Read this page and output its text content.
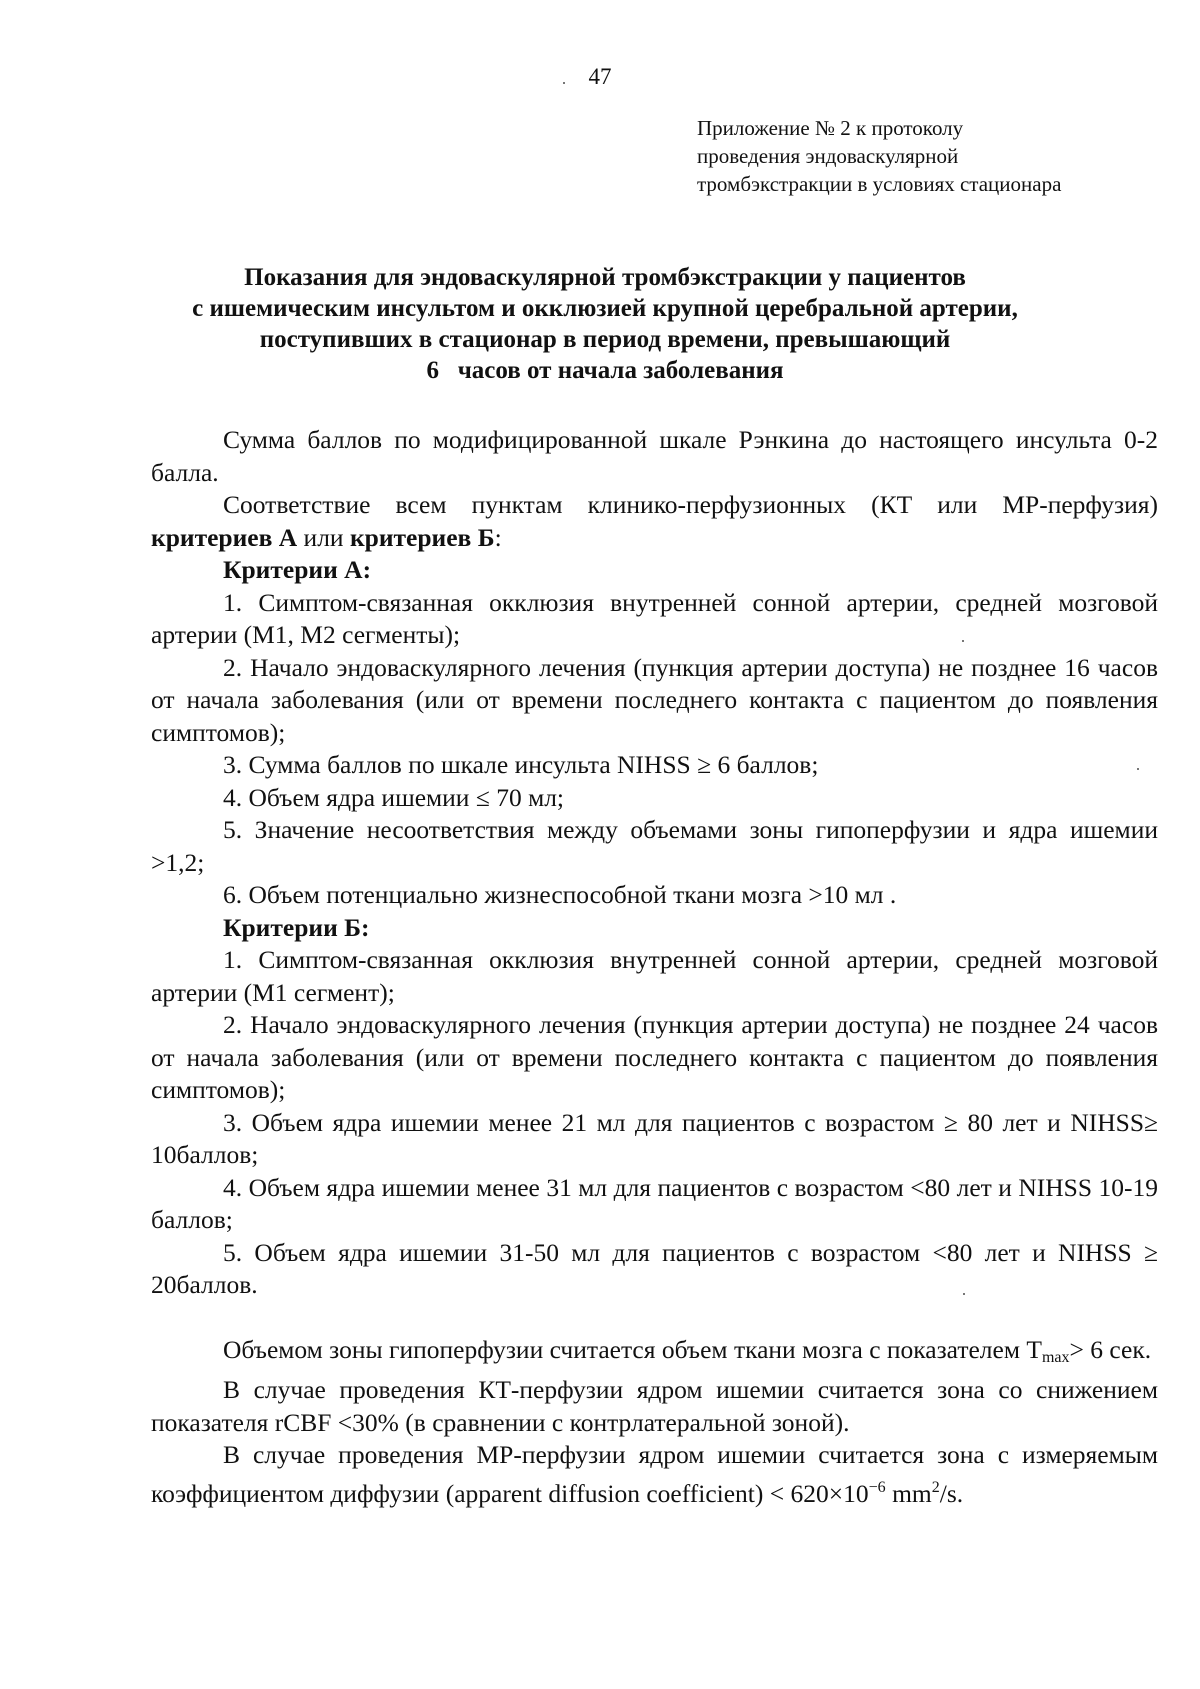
47
Приложение № 2 к протоколу
проведения эндоваскулярной
тромбэкстракции в условиях стационара
Показания для эндоваскулярной тромбэкстракции у пациентов
с ишемическим инсультом и окклюзией крупной церебральной артерии,
поступивших в стационар в период времени, превышающий
6   часов от начала заболевания

Сумма баллов по модифицированной шкале Рэнкина до настоящего инсульта 0-2 балла.

Соответствие всем пунктам клинико-перфузионных (КТ или МР-перфузия) критериев А или критериев Б:

Критерии А:

1. Симптом-связанная окклюзия внутренней сонной артерии, средней мозговой артерии (М1, М2 сегменты);

2. Начало эндоваскулярного лечения (пункция артерии доступа) не позднее 16 часов от начала заболевания (или от времени последнего контакта с пациентом до появления симптомов);

3. Сумма баллов по шкале инсульта NIHSS ≥ 6 баллов;

4. Объем ядра ишемии ≤ 70 мл;

5. Значение несоответствия между объемами зоны гипоперфузии и ядра ишемии >1,2;

6. Объем потенциально жизнеспособной ткани мозга >10 мл .

Критерии Б:

1. Симптом-связанная окклюзия внутренней сонной артерии, средней мозговой артерии (М1 сегмент);

2. Начало эндоваскулярного лечения (пункция артерии доступа) не позднее 24 часов от начала заболевания (или от времени последнего контакта с пациентом до появления симптомов);

3. Объем ядра ишемии менее 21 мл для пациентов с возрастом ≥ 80 лет и NIHSS≥ 10баллов;

4. Объем ядра ишемии менее 31 мл для пациентов с возрастом <80 лет и NIHSS 10-19 баллов;

5. Объем ядра ишемии 31-50 мл для пациентов с возрастом <80 лет и NIHSS ≥ 20баллов.

Объемом зоны гипоперфузии считается объем ткани мозга с показателем $T_{max}> 6$ сек.

В случае проведения КТ-перфузии ядром ишемии считается зона со снижением показателя rCBF <30% (в сравнении с контрлатеральной зоной).

В случае проведения МР-перфузии ядром ишемии считается зона с измеряемым коэффициентом диффузии (apparent diffusion coefficient) < $620\times 10^{-6}$ $mm^2/s$.
